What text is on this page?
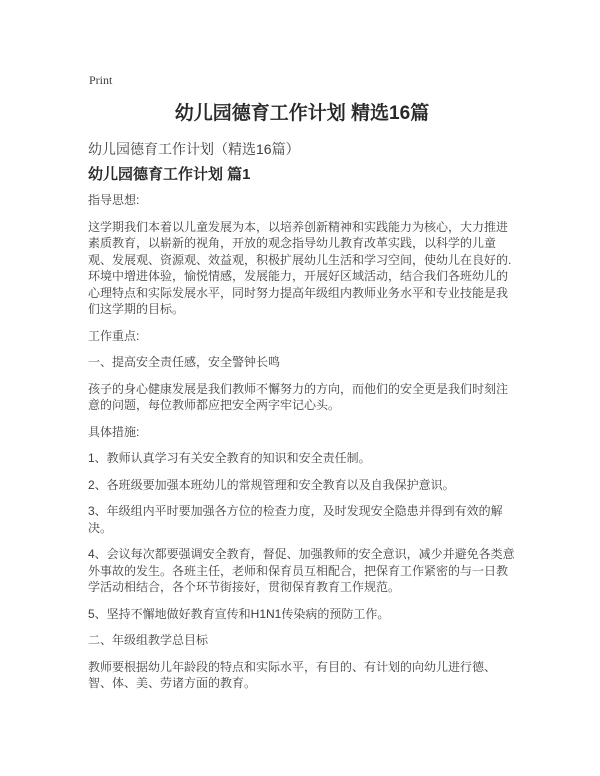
Print
幼儿园德育工作计划 精选16篇
幼儿园德育工作计划（精选16篇）
幼儿园德育工作计划 篇1

指导思想:

这学期我们本着以儿童发展为本，以培养创新精神和实践能力为核心，大力推进素质教育，以崭新的视角，开放的观念指导幼儿教育改革实践，以科学的儿童观、发展观、资源观、效益观，积极扩展幼儿生活和学习空间，使幼儿在良好的.环境中增进体验，愉悦情感，发展能力，开展好区域活动，结合我们各班幼儿的心理特点和实际发展水平，同时努力提高年级组内教师业务水平和专业技能是我们这学期的目标。

工作重点:

一、提高安全责任感，安全警钟长鸣

孩子的身心健康发展是我们教师不懈努力的方向，而他们的安全更是我们时刻注意的问题，每位教师都应把安全两字牢记心头。

具体措施:

1、教师认真学习有关安全教育的知识和安全责任制。

2、各班级要加强本班幼儿的常规管理和安全教育以及自我保护意识。

3、年级组内平时要加强各方位的检查力度，及时发现安全隐患并得到有效的解决。

4、会议每次都要强调安全教育，督促、加强教师的安全意识，减少并避免各类意外事故的发生。各班主任，老师和保育员互相配合，把保育工作紧密的与一日教学活动相结合，各个环节街接好，贯彻保育教育工作规范。

5、坚持不懈地做好教育宣传和H1N1传染病的预防工作。

二、年级组教学总目标

教师要根据幼儿年龄段的特点和实际水平，有目的、有计划的向幼儿进行德、智、体、美、劳诸方面的教育。
